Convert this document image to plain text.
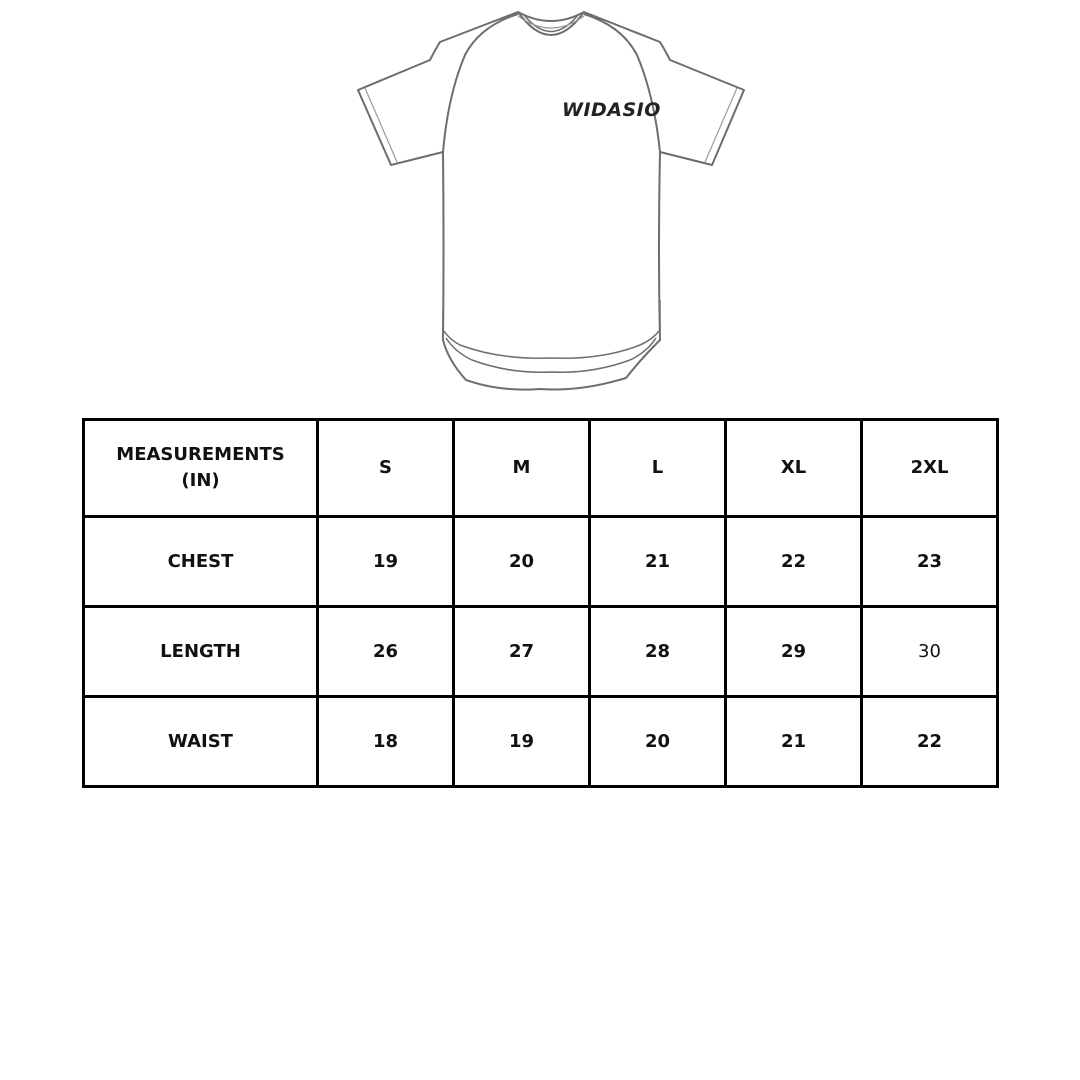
WIDASIO
MEASUREMENTS (IN)	S	M	L	XL	2XL
CHEST	19	20	21	22	23
LENGTH	26	27	28	29	30
WAIST	18	19	20	21	22
